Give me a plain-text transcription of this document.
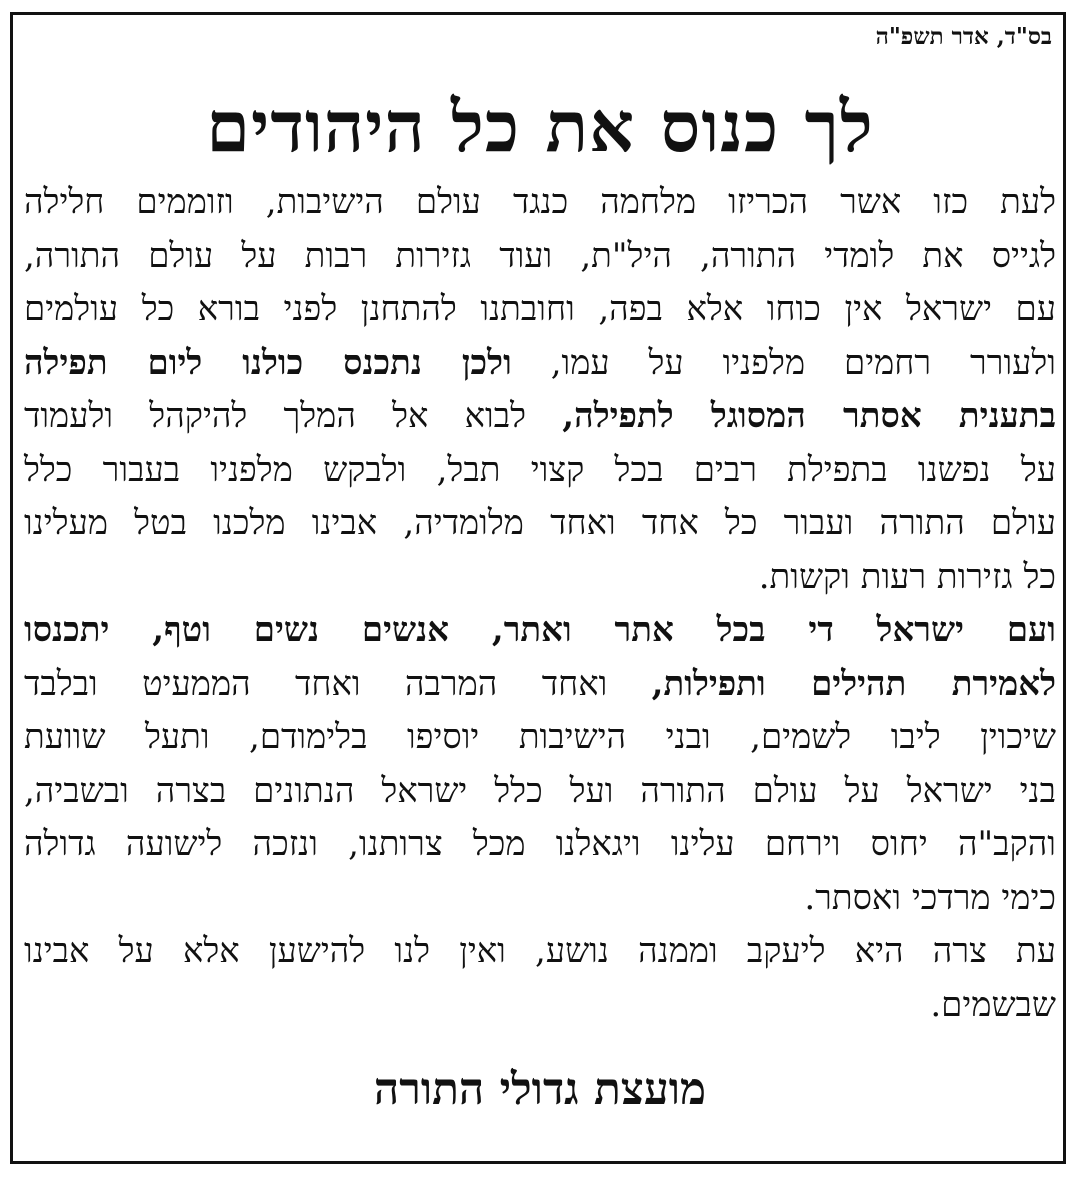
בס"ד, אדר תשפ"ה
לך כנוס את כל היהודים
לעת כזו אשר הכריזו מלחמה כנגד עולם הישיבות, וזוממים חלילה
לגייס את לומדי התורה, היל"ת, ועוד גזירות רבות על עולם התורה,
עם ישראל אין כוחו אלא בפה, וחובתנו להתחנן לפני בורא כל עולמים
ולעורר רחמים מלפניו על עמו, ולכן נתכנס כולנו ליום תפילה
בתענית אסתר המסוגל לתפילה, לבוא אל המלך להיקהל ולעמוד
על נפשנו בתפילת רבים בכל קצוי תבל, ולבקש מלפניו בעבור כלל
עולם התורה ועבור כל אחד ואחד מלומדיה, אבינו מלכנו בטל מעלינו
כל גזירות רעות וקשות.
ועם ישראל די בכל אתר ואתר, אנשים נשים וטף, יתכנסו
לאמירת תהילים ותפילות, ואחד המרבה ואחד הממעיט ובלבד
שיכוין ליבו לשמים, ובני הישיבות יוסיפו בלימודם, ותעל שוועת
בני ישראל על עולם התורה ועל כלל ישראל הנתונים בצרה ובשביה,
והקב"ה יחוס וירחם עלינו ויגאלנו מכל צרותנו, ונזכה לישועה גדולה
כימי מרדכי ואסתר.
עת צרה היא ליעקב וממנה נושע, ואין לנו להישען אלא על אבינו
שבשמים.
מועצת גדולי התורה
